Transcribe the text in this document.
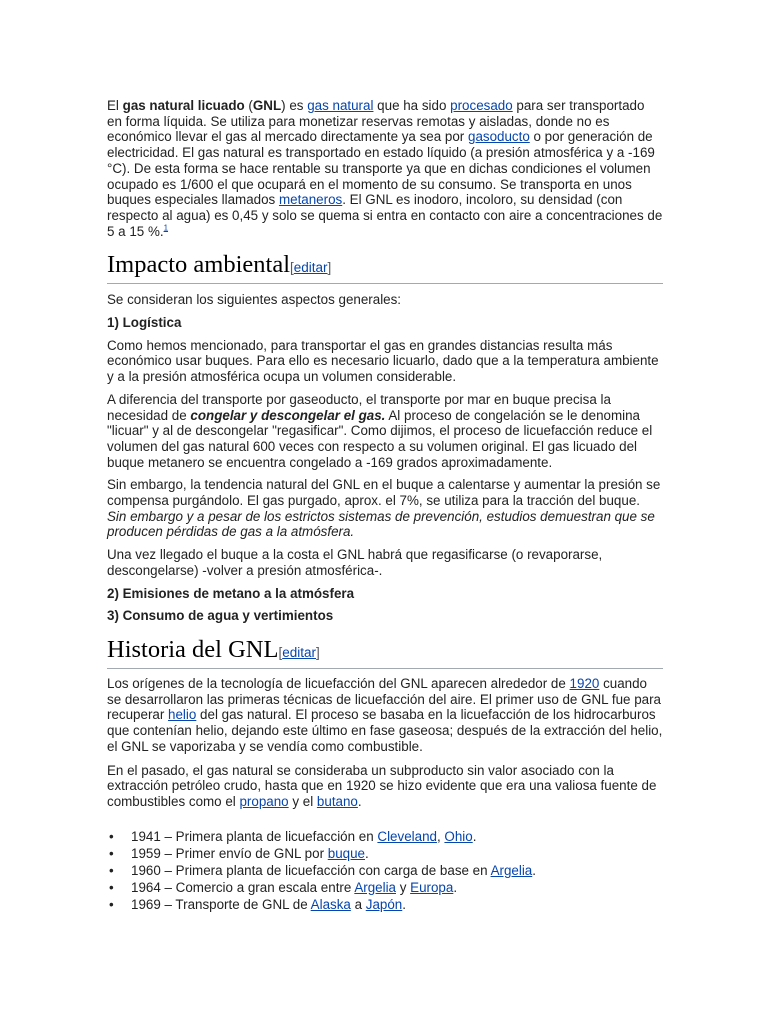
El gas natural licuado (GNL) es gas natural que ha sido procesado para ser transportado en forma líquida. Se utiliza para monetizar reservas remotas y aisladas, donde no es económico llevar el gas al mercado directamente ya sea por gasoducto o por generación de electricidad. El gas natural es transportado en estado líquido (a presión atmosférica y a -169 °C). De esta forma se hace rentable su transporte ya que en dichas condiciones el volumen ocupado es 1/600 el que ocupará en el momento de su consumo. Se transporta en unos buques especiales llamados metaneros. El GNL es inodoro, incoloro, su densidad (con respecto al agua) es 0,45 y solo se quema si entra en contacto con aire a concentraciones de 5 a 15 %.$^1$

Impacto ambiental[editar]

Se consideran los siguientes aspectos generales:

1) Logística

Como hemos mencionado, para transportar el gas en grandes distancias resulta más económico usar buques. Para ello es necesario licuarlo, dado que a la temperatura ambiente y a la presión atmosférica ocupa un volumen considerable.

A diferencia del transporte por gaseoducto, el transporte por mar en buque precisa la necesidad de congelar y descongelar el gas. Al proceso de congelación se le denomina "licuar" y al de descongelar "regasificar". Como dijimos, el proceso de licuefacción reduce el volumen del gas natural 600 veces con respecto a su volumen original. El gas licuado del buque metanero se encuentra congelado a -169 grados aproximadamente.

Sin embargo, la tendencia natural del GNL en el buque a calentarse y aumentar la presión se compensa purgándolo. El gas purgado, aprox. el 7%, se utiliza para la tracción del buque. Sin embargo y a pesar de los estrictos sistemas de prevención, estudios demuestran que se producen pérdidas de gas a la atmósfera.

Una vez llegado el buque a la costa el GNL habrá que regasificarse (o revaporarse, descongelarse) -volver a presión atmosférica-.

2) Emisiones de metano a la atmósfera

3) Consumo de agua y vertimientos

Historia del GNL[editar]

Los orígenes de la tecnología de licuefacción del GNL aparecen alrededor de 1920 cuando se desarrollaron las primeras técnicas de licuefacción del aire. El primer uso de GNL fue para recuperar helio del gas natural. El proceso se basaba en la licuefacción de los hidrocarburos que contenían helio, dejando este último en fase gaseosa; después de la extracción del helio, el GNL se vaporizaba y se vendía como combustible.

En el pasado, el gas natural se consideraba un subproducto sin valor asociado con la extracción petróleo crudo, hasta que en 1920 se hizo evidente que era una valiosa fuente de combustibles como el propano y el butano.

• 1941 – Primera planta de licuefacción en Cleveland, Ohio.
• 1959 – Primer envío de GNL por buque.
• 1960 – Primera planta de licuefacción con carga de base en Argelia.
• 1964 – Comercio a gran escala entre Argelia y Europa.
• 1969 – Transporte de GNL de Alaska a Japón.
